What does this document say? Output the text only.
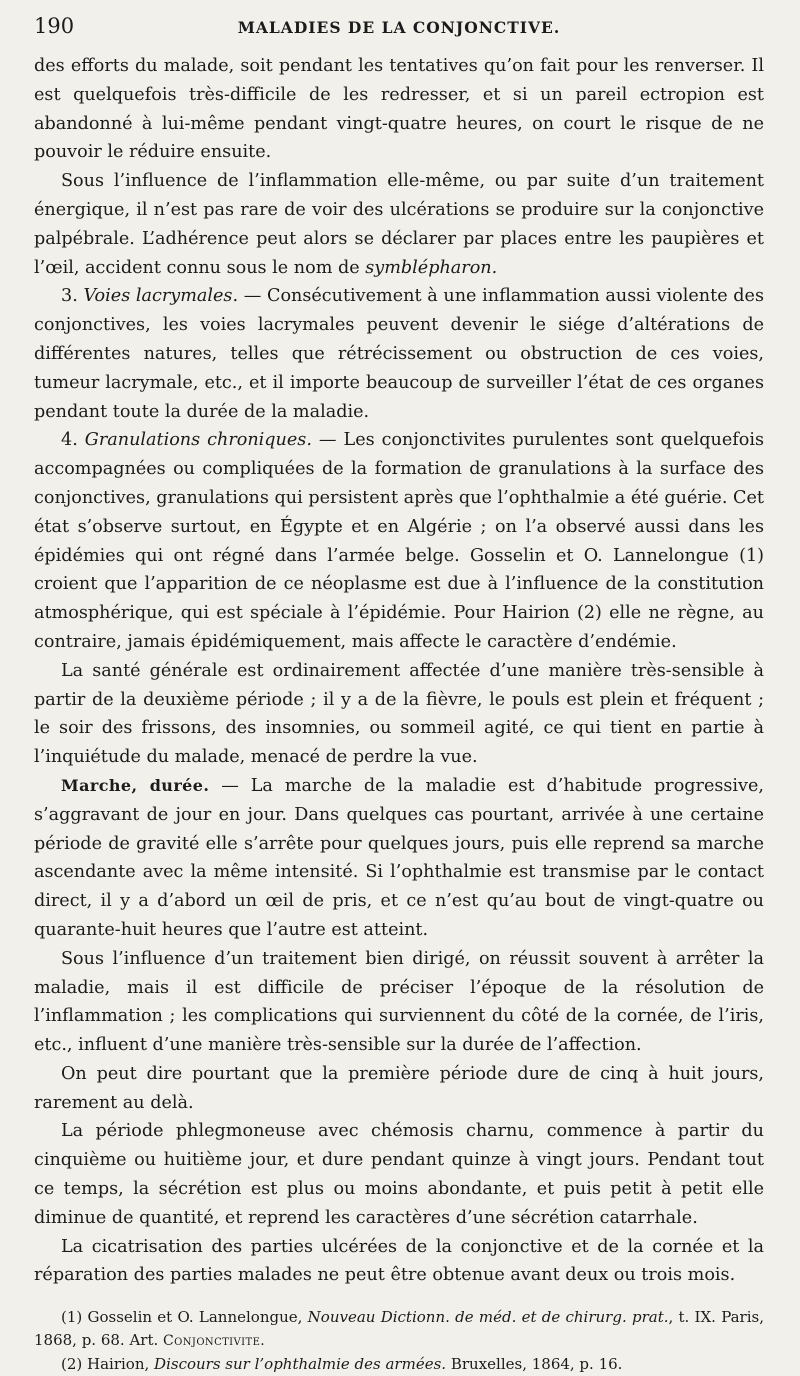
190	MALADIES DE LA CONJONCTIVE.

des efforts du malade, soit pendant les tentatives qu’on fait pour les renverser. Il est quelquefois très-difficile de les redresser, et si un pareil ectropion est abandonné à lui-même pendant vingt-quatre heures, on court le risque de ne pouvoir le réduire ensuite.

Sous l’influence de l’inflammation elle-même, ou par suite d’un traitement énergique, il n’est pas rare de voir des ulcérations se produire sur la conjonctive palpébrale. L’adhérence peut alors se déclarer par places entre les paupières et l’œil, accident connu sous le nom de symblépharon.

3. Voies lacrymales. — Consécutivement à une inflammation aussi violente des conjonctives, les voies lacrymales peuvent devenir le siége d’altérations de différentes natures, telles que rétrécissement ou obstruction de ces voies, tumeur lacrymale, etc., et il importe beaucoup de surveiller l’état de ces organes pendant toute la durée de la maladie.

4. Granulations chroniques. — Les conjonctivites purulentes sont quelquefois accompagnées ou compliquées de la formation de granulations à la surface des conjonctives, granulations qui persistent après que l’ophthalmie a été guérie. Cet état s’observe surtout, en Égypte et en Algérie ; on l’a observé aussi dans les épidémies qui ont régné dans l’armée belge. Gosselin et O. Lannelongue (1) croient que l’apparition de ce néoplasme est due à l’influence de la constitution atmosphérique, qui est spéciale à l’épidémie. Pour Hairion (2) elle ne règne, au contraire, jamais épidémiquement, mais affecte le caractère d’endémie.

La santé générale est ordinairement affectée d’une manière très-sensible à partir de la deuxième période ; il y a de la fièvre, le pouls est plein et fréquent ; le soir des frissons, des insomnies, ou sommeil agité, ce qui tient en partie à l’inquiétude du malade, menacé de perdre la vue.

Marche, durée. — La marche de la maladie est d’habitude progressive, s’aggravant de jour en jour. Dans quelques cas pourtant, arrivée à une certaine période de gravité elle s’arrête pour quelques jours, puis elle reprend sa marche ascendante avec la même intensité. Si l’ophthalmie est transmise par le contact direct, il y a d’abord un œil de pris, et ce n’est qu’au bout de vingt-quatre ou quarante-huit heures que l’autre est atteint.

Sous l’influence d’un traitement bien dirigé, on réussit souvent à arrêter la maladie, mais il est difficile de préciser l’époque de la résolution de l’inflammation ; les complications qui surviennent du côté de la cornée, de l’iris, etc., influent d’une manière très-sensible sur la durée de l’affection.

On peut dire pourtant que la première période dure de cinq à huit jours, rarement au delà.

La période phlegmoneuse avec chémosis charnu, commence à partir du cinquième ou huitième jour, et dure pendant quinze à vingt jours. Pendant tout ce temps, la sécrétion est plus ou moins abondante, et puis petit à petit elle diminue de quantité, et reprend les caractères d’une sécrétion catarrhale.

La cicatrisation des parties ulcérées de la conjonctive et de la cornée et la réparation des parties malades ne peut être obtenue avant deux ou trois mois.

(1) Gosselin et O. Lannelongue, Nouveau Dictionn. de méd. et de chirurg. prat., t. IX. Paris, 1868, p. 68. Art. Conjonctivite.

(2) Hairion, Discours sur l’ophthalmie des armées. Bruxelles, 1864, p. 16.
